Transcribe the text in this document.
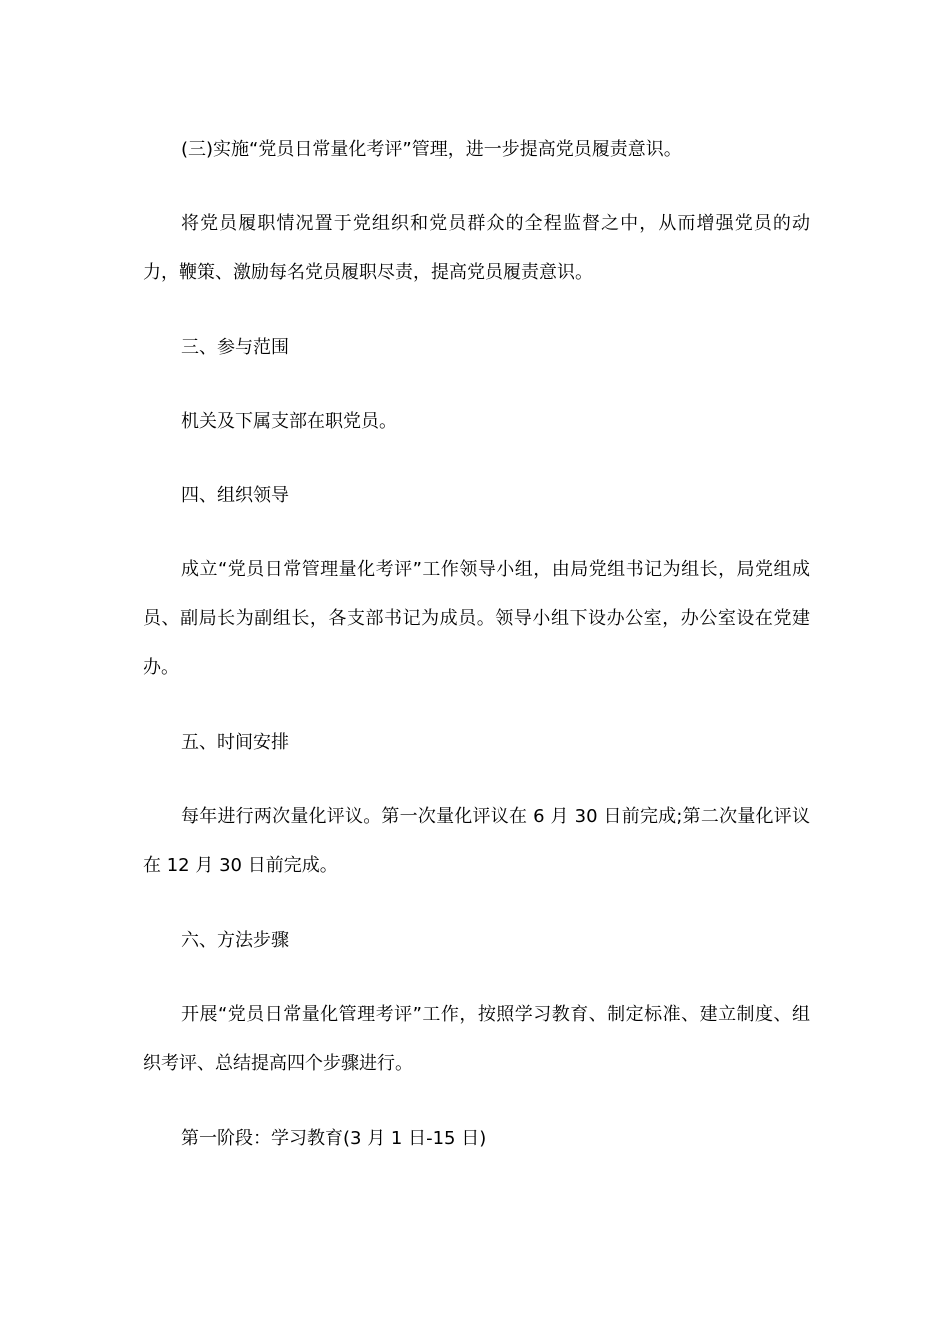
(三)实施“党员日常量化考评”管理，进一步提高党员履责意识。

将党员履职情况置于党组织和党员群众的全程监督之中，从而增强党员的动力，鞭策、激励每名党员履职尽责，提高党员履责意识。

三、参与范围

机关及下属支部在职党员。

四、组织领导

成立“党员日常管理量化考评”工作领导小组，由局党组书记为组长，局党组成员、副局长为副组长，各支部书记为成员。领导小组下设办公室，办公室设在党建办。

五、时间安排

每年进行两次量化评议。第一次量化评议在 6 月 30 日前完成;第二次量化评议在 12 月 30 日前完成。

六、方法步骤

开展“党员日常量化管理考评”工作，按照学习教育、制定标准、建立制度、组织考评、总结提高四个步骤进行。

第一阶段：学习教育(3 月 1 日-15 日)
